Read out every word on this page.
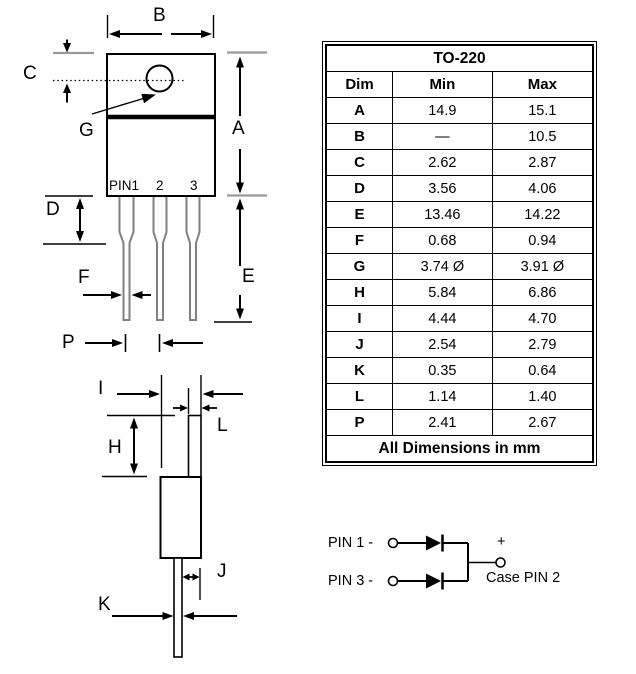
B
C
G	A
D
F	E
P
PIN1 2 3
I
L
H
J
K
PIN 1 -
PIN 3 -
+
Case PIN 2
TO-220		
Dim	Min	Max
A	14.9	15.1
B	—	10.5
C	2.62	2.87
D	3.56	4.06
E	13.46	14.22
F	0.68	0.94
G	3.74 Ø	3.91 Ø
H	5.84	6.86
I	4.44	4.70
J	2.54	2.79
K	0.35	0.64
L	1.14	1.40
P	2.41	2.67
All Dimensions in mm		
